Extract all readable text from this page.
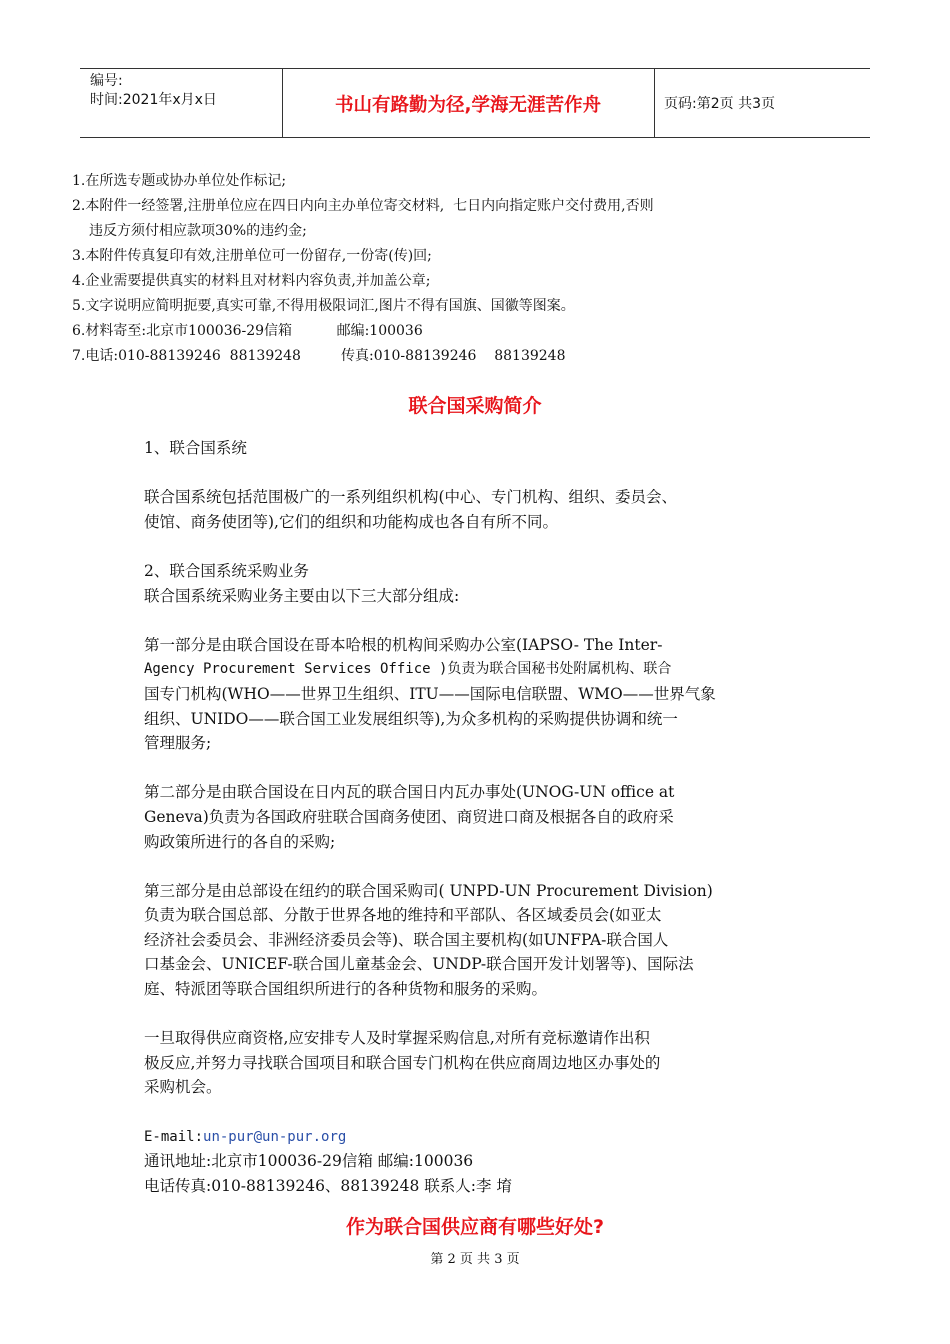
编号:
时间:2021年x月x日	书山有路勤为径,学海无涯苦作舟	页码:第2页 共3页
1.在所选专题或协办单位处作标记;
2.本附件一经签署,注册单位应在四日内向主办单位寄交材料,  七日内向指定账户交付费用,否则
违反方须付相应款项30%的违约金;
3.本附件传真复印有效,注册单位可一份留存,一份寄(传)回;
4.企业需要提供真实的材料且对材料内容负责,并加盖公章;
5.文字说明应简明扼要,真实可靠,不得用极限词汇,图片不得有国旗、国徽等图案。
6.材料寄至:北京市100036-29信箱          邮编:100036
7.电话:010-88139246  88139248         传真:010-88139246    88139248
联合国采购简介

1、联合国系统

联合国系统包括范围极广的一系列组织机构(中心、专门机构、组织、委员会、

使馆、商务使团等),它们的组织和功能构成也各自有所不同。

2、联合国系统采购业务

联合国系统采购业务主要由以下三大部分组成:

第一部分是由联合国设在哥本哈根的机构间采购办公室(IAPSO- The Inter-

Agency Procurement Services Office )负责为联合国秘书处附属机构、联合

国专门机构(WHO——世界卫生组织、ITU——国际电信联盟、WMO——世界气象

组织、UNIDO——联合国工业发展组织等),为众多机构的采购提供协调和统一

管理服务;

第二部分是由联合国设在日内瓦的联合国日内瓦办事处(UNOG-UN office at

Geneva)负责为各国政府驻联合国商务使团、商贸进口商及根据各自的政府采

购政策所进行的各自的采购;

第三部分是由总部设在纽约的联合国采购司( UNPD-UN Procurement Division)

负责为联合国总部、分散于世界各地的维持和平部队、各区域委员会(如亚太

经济社会委员会、非洲经济委员会等)、联合国主要机构(如UNFPA-联合国人

口基金会、UNICEF-联合国儿童基金会、UNDP-联合国开发计划署等)、国际法

庭、特派团等联合国组织所进行的各种货物和服务的采购。

一旦取得供应商资格,应安排专人及时掌握采购信息,对所有竞标邀请作出积

极反应,并努力寻找联合国项目和联合国专门机构在供应商周边地区办事处的

采购机会。

E-mail:un-pur@un-pur.org

通讯地址:北京市100036-29信箱 邮编:100036

电话传真:010-88139246、88139248 联系人:李 堉

作为联合国供应商有哪些好处?
第 2 页 共 3 页
